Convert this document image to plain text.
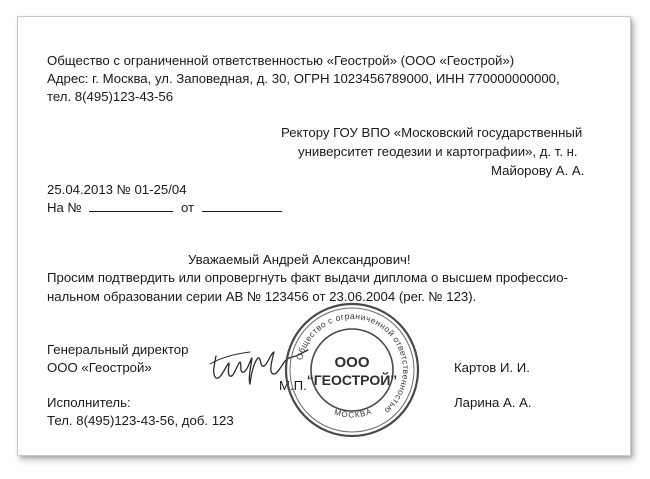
Общество с ограниченной ответственностью «Геострой» (ООО «Геострой»)
Адрес: г. Москва, ул. Заповедная, д. 30, ОГРН 1023456789000, ИНН 770000000000,
тел. 8(495)123-43-56
Ректору ГОУ ВПО «Московский государственный
университет геодезии и картографии», д. т. н.
Майорову А. А.
25.04.2013 № 01-25/04
На №	от
Уважаемый Андрей Александрович!
Просим подтвердить или опровергнуть факт выдачи диплома о высшем профессио-
нальном образовании серии АВ № 123456 от 23.06.2004 (рег. № 123).
Генеральный директор
ООО «Геострой»	Картов И. И.
М.П.
Общество с ограниченной ответственностью
МОСКВА
ООО
“ГЕОСТРОЙ”
Исполнитель:
Тел. 8(495)123-43-56, доб. 123
Ларина А. А.
